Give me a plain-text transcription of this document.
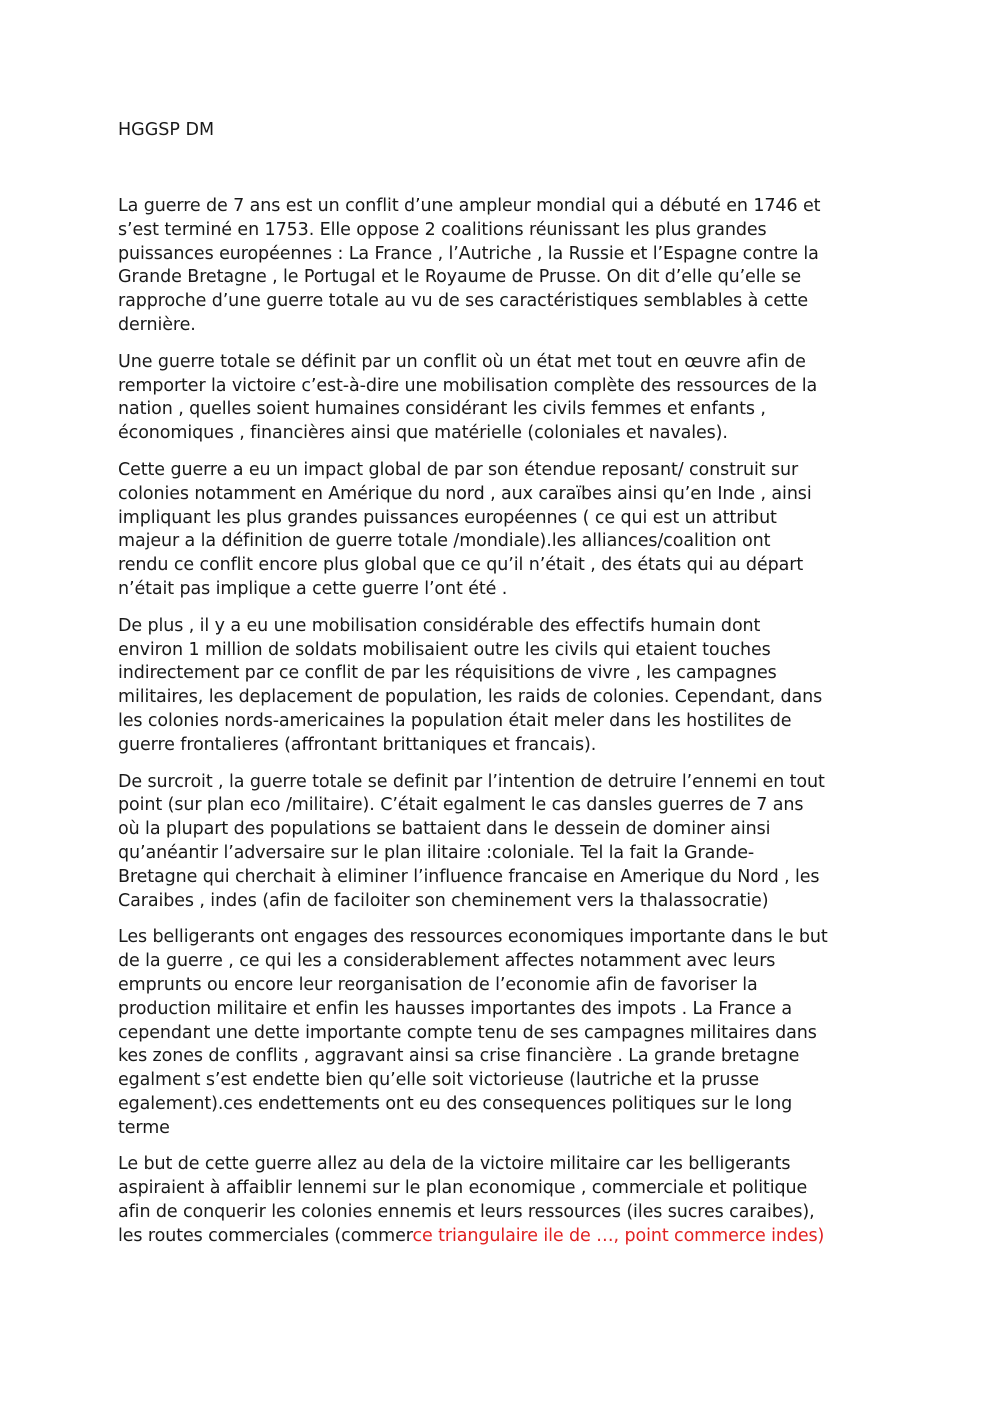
HGGSP DM
La guerre de 7 ans est un conflit d’une ampleur mondial qui a débuté en 1746 et
s’est terminé en 1753. Elle oppose 2 coalitions réunissant les plus grandes
puissances européennes : La France , l’Autriche , la Russie et l’Espagne contre la
Grande Bretagne , le Portugal et le Royaume de Prusse. On dit d’elle qu’elle se
rapproche d’une guerre totale au vu de ses caractéristiques semblables à cette
dernière.
Une guerre totale se définit par un conflit où un état met tout en œuvre afin de
remporter la victoire c’est-à-dire une mobilisation complète des ressources de la
nation , quelles soient humaines considérant les civils femmes et enfants ,
économiques , financières ainsi que matérielle (coloniales et navales).
Cette guerre a eu un impact global de par son étendue reposant/ construit sur
colonies notamment en Amérique du nord , aux caraïbes ainsi qu’en Inde , ainsi
impliquant les plus grandes puissances européennes ( ce qui est un attribut
majeur a la définition de guerre totale /mondiale).les alliances/coalition ont
rendu ce conflit encore plus global que ce qu’il n’était , des états qui au départ
n’était pas implique a cette guerre l’ont été .
De plus , il y a eu une mobilisation considérable des effectifs humain dont
environ 1 million de soldats mobilisaient outre les civils qui etaient touches
indirectement par ce conflit de par les réquisitions de vivre , les campagnes
militaires, les deplacement de population, les raids de colonies. Cependant, dans
les colonies nords-americaines la population était meler dans les hostilites de
guerre frontalieres (affrontant brittaniques et francais).
De surcroit , la guerre totale se definit par l’intention de detruire l’ennemi en tout
point (sur plan eco /militaire). C’était egalment le cas dansles guerres de 7 ans
où la plupart des populations se battaient dans le dessein de dominer ainsi
qu’anéantir l’adversaire sur le plan ilitaire :coloniale. Tel la fait la Grande-
Bretagne qui cherchait à eliminer l’influence francaise en Amerique du Nord , les
Caraibes , indes (afin de faciloiter son cheminement vers la thalassocratie)
Les belligerants ont engages des ressources economiques importante dans le but
de la guerre , ce qui les a considerablement affectes notamment avec leurs
emprunts ou encore leur reorganisation de l’economie afin de favoriser la
production militaire et enfin les hausses importantes des impots . La France a
cependant une dette importante compte tenu de ses campagnes militaires dans
kes zones de conflits , aggravant ainsi sa crise financière . La grande bretagne
egalment s’est endette bien qu’elle soit victorieuse (lautriche et la prusse
egalement).ces endettements ont eu des consequences politiques sur le long
terme
Le but de cette guerre allez au dela de la victoire militaire car les belligerants
aspiraient à affaiblir lennemi sur le plan economique , commerciale et politique
afin de conquerir les colonies ennemis et leurs ressources (iles sucres caraibes),
les routes commerciales (commerce triangulaire ile de …, point commerce indes)
